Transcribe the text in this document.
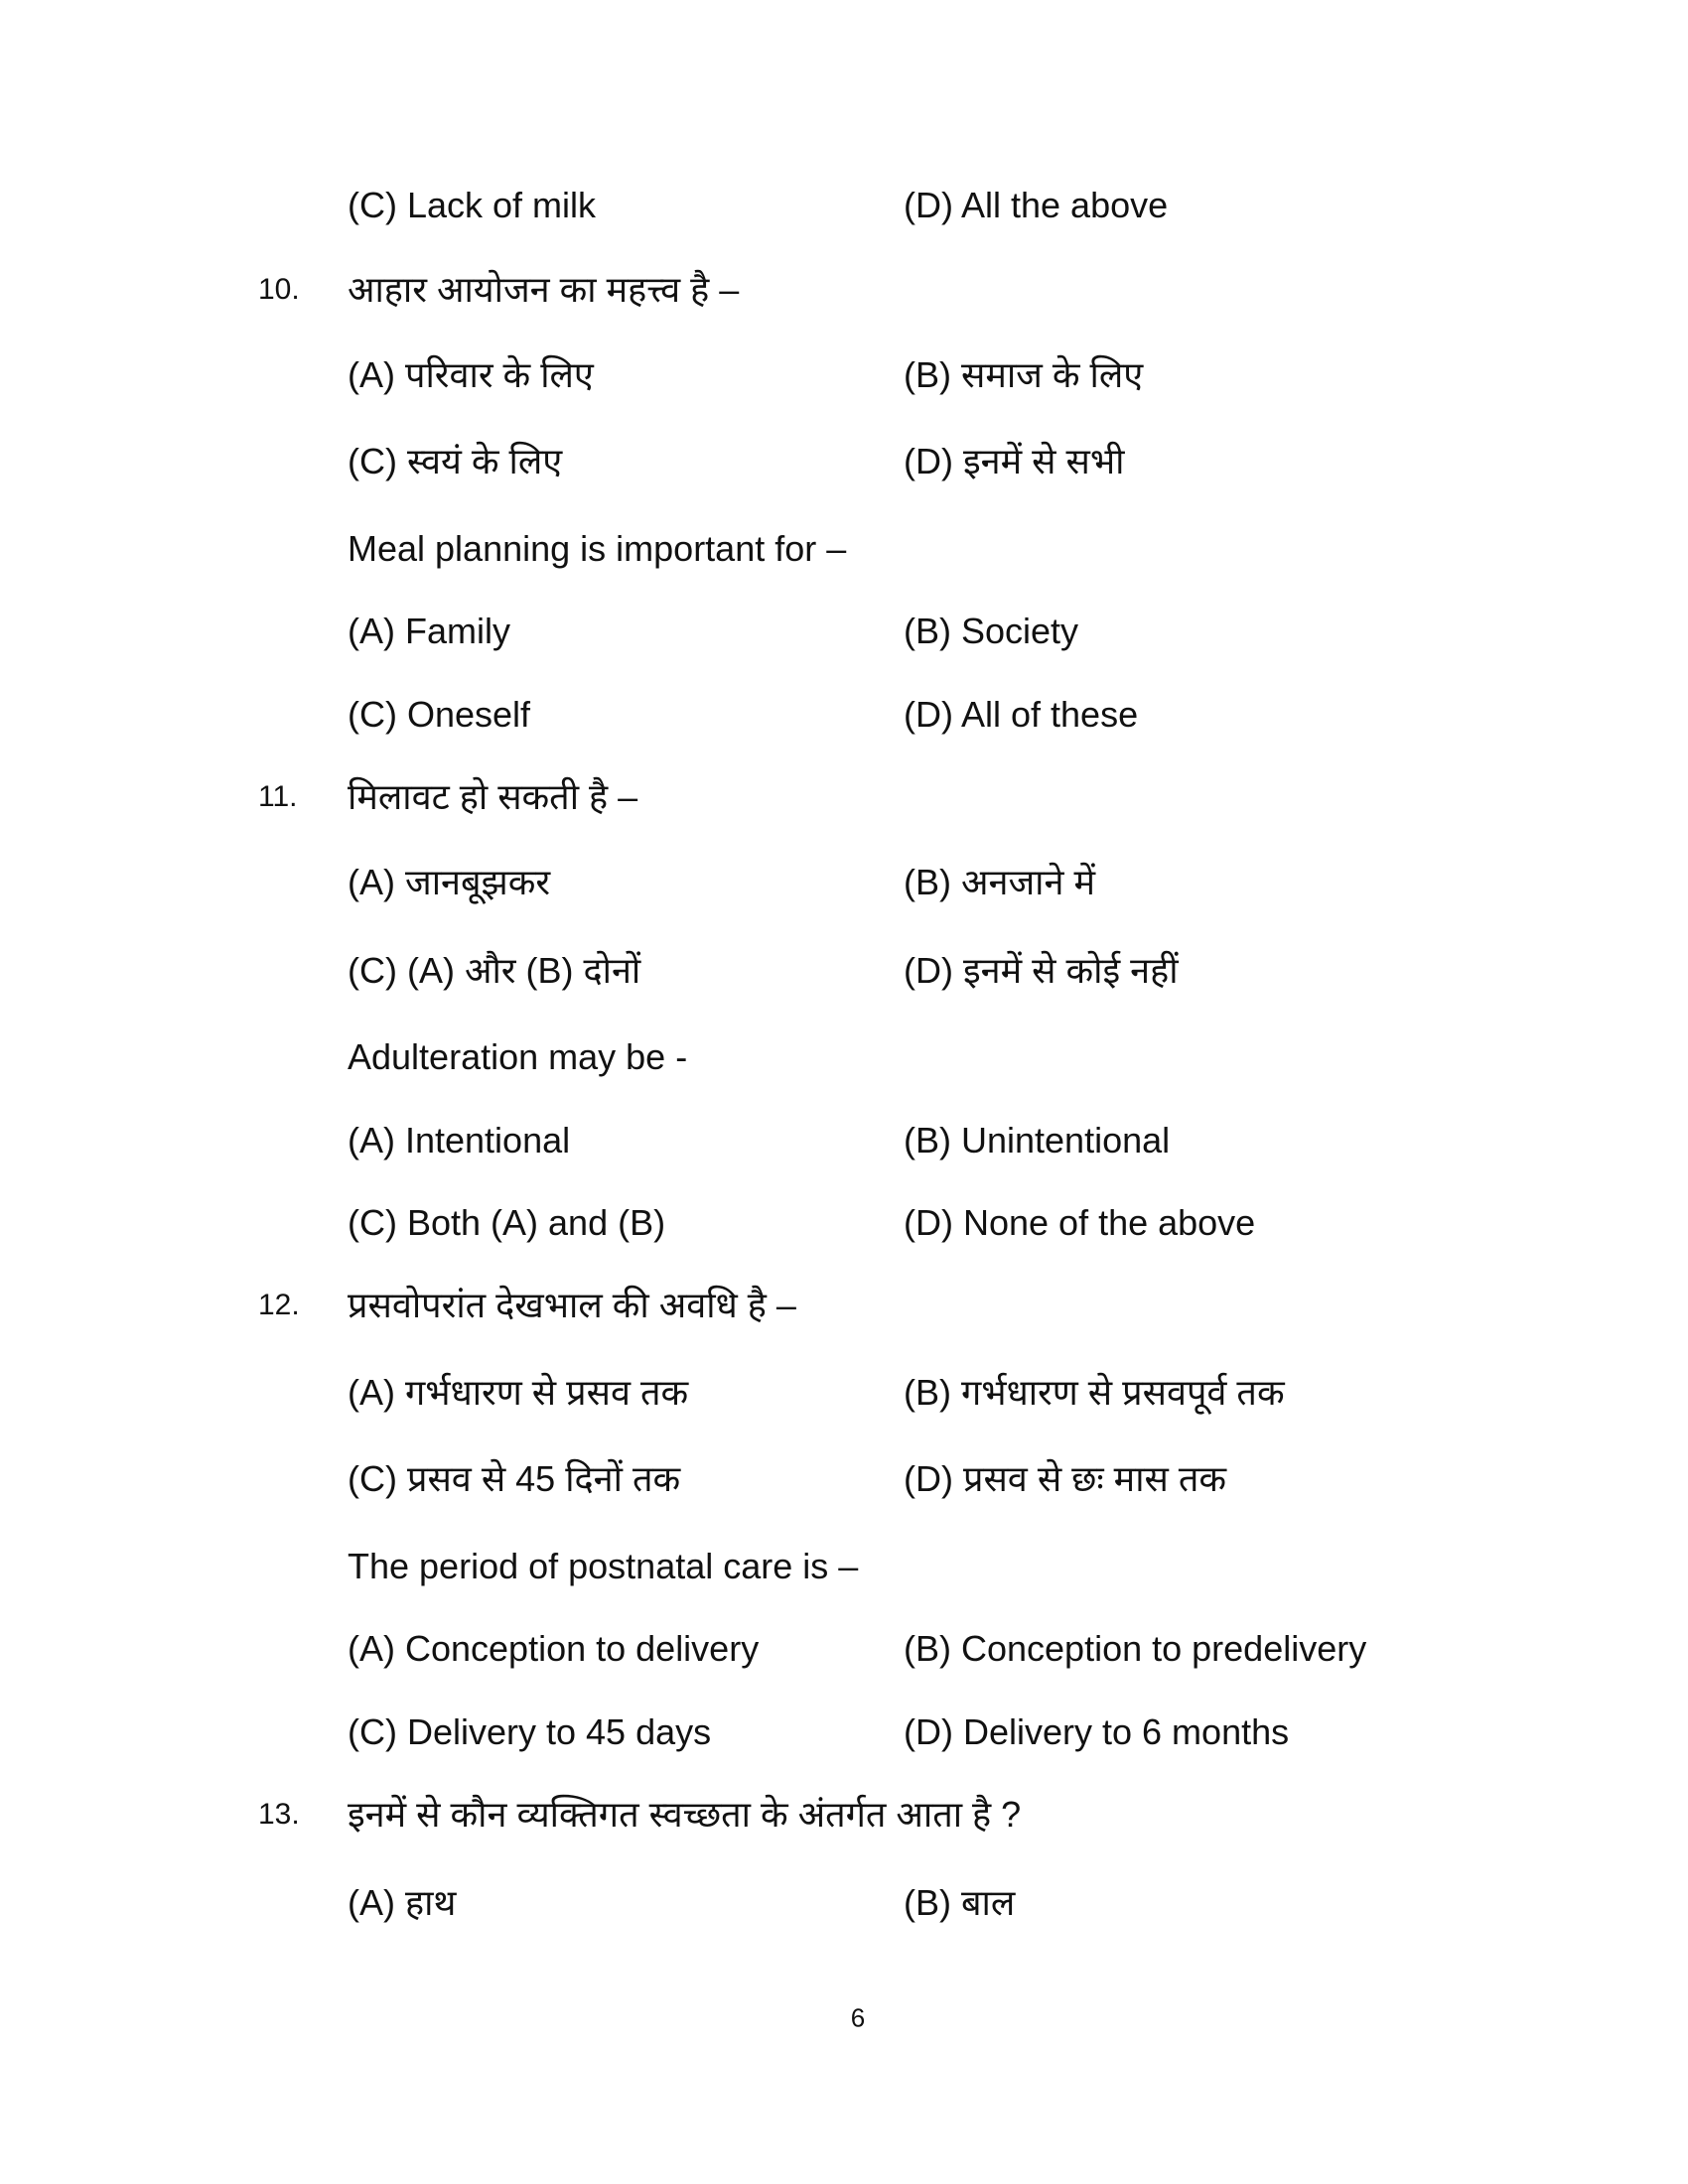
(C) Lack of milk	(D) All the above
10. आहार आयोजन का महत्त्व है –
(A) परिवार के लिए	(B) समाज के लिए
(C) स्वयं के लिए	(D) इनमें से सभी
Meal planning is important for –
(A) Family	(B) Society
(C) Oneself	(D) All of these
11. मिलावट हो सकती है –
(A) जानबूझकर	(B) अनजाने में
(C) (A) और (B) दोनों	(D) इनमें से कोई नहीं
Adulteration may be -
(A) Intentional	(B) Unintentional
(C) Both (A) and (B)	(D) None of the above
12. प्रसवोपरांत देखभाल की अवधि है –
(A) गर्भधारण से प्रसव तक	(B) गर्भधारण से प्रसवपूर्व तक
(C) प्रसव से 45 दिनों तक	(D) प्रसव से छः मास तक
The period of postnatal care is –
(A) Conception to delivery	(B) Conception to predelivery
(C) Delivery to 45 days	(D) Delivery to 6 months
13. इनमें से कौन व्यक्तिगत स्वच्छता के अंतर्गत आता है ?
(A) हाथ	(B) बाल
6
